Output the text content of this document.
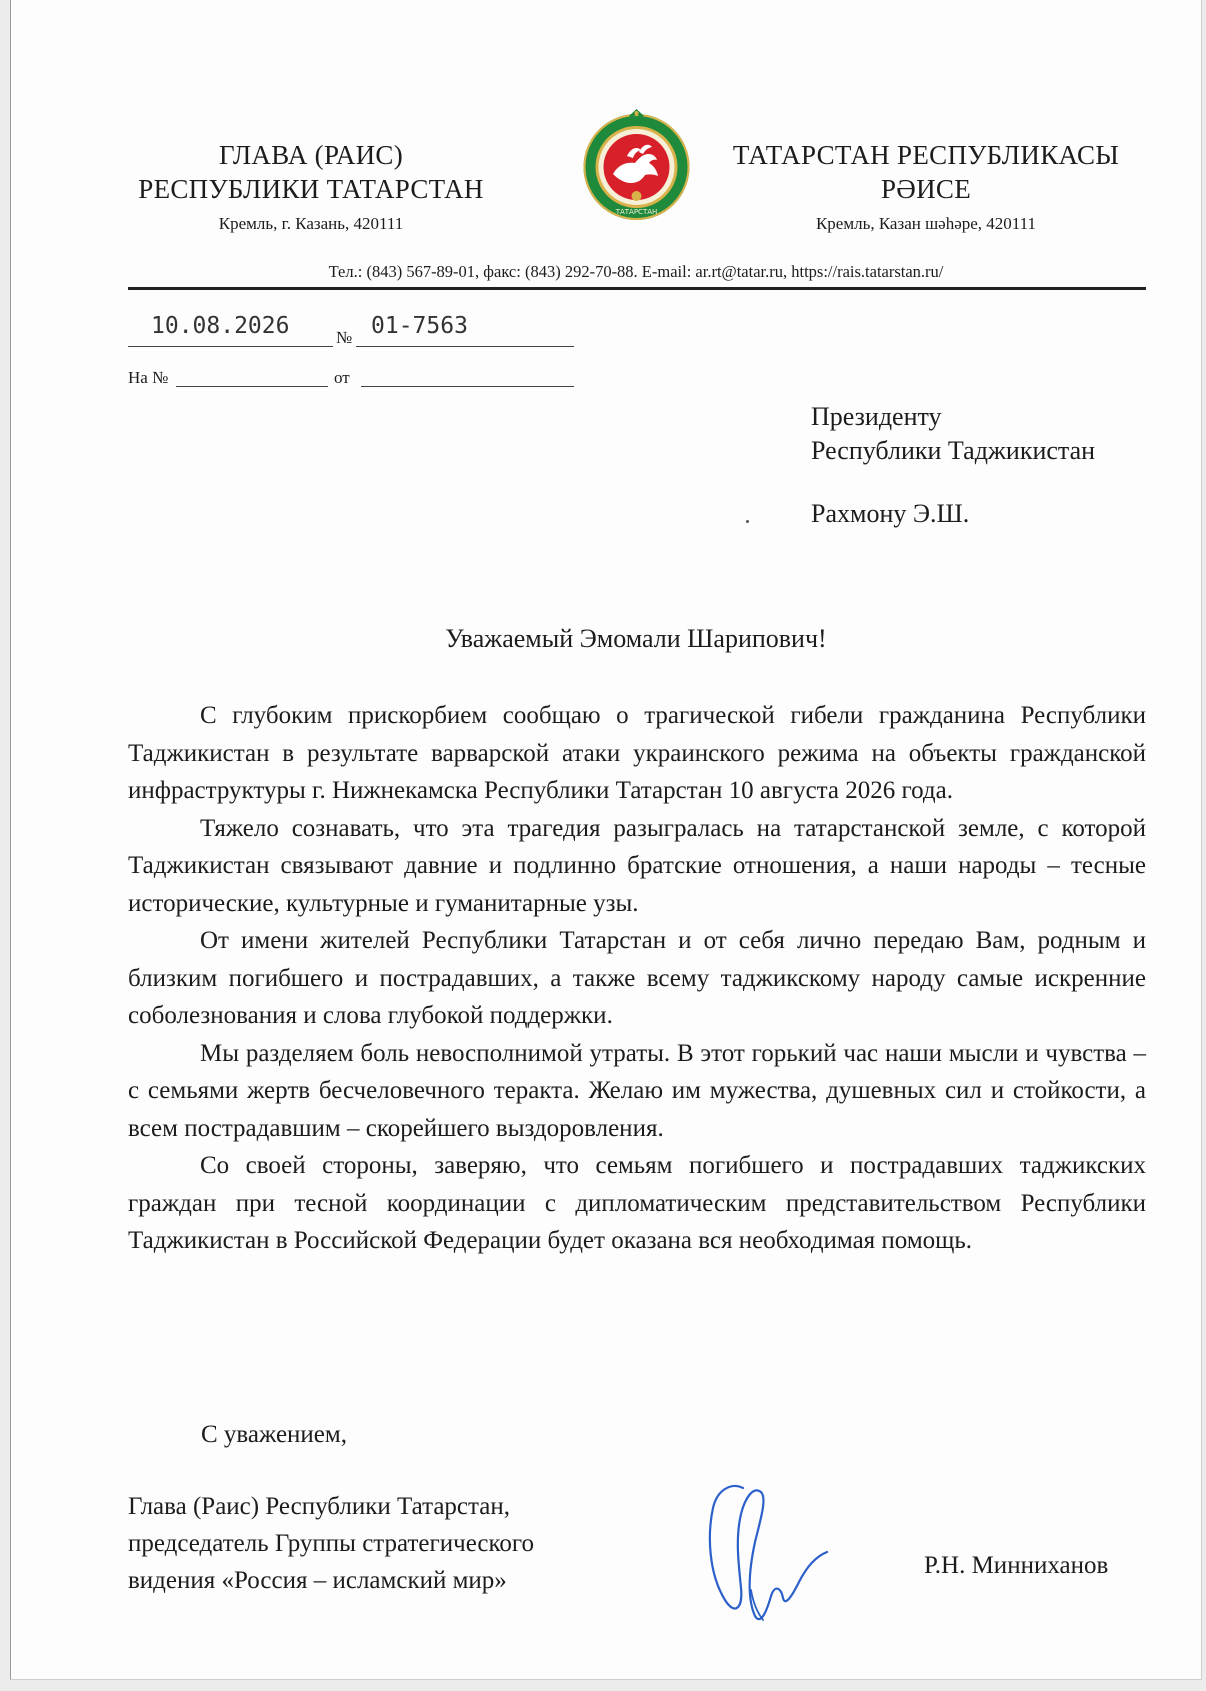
ГЛАВА (РАИС)
РЕСПУБЛИКИ ТАТАРСТАН
Кремль, г. Казань, 420111
ТАТАРСТАН
ТАТАРСТАН РЕСПУБЛИКАСЫ
РӘИСЕ
Кремль, Казан шәһәре, 420111
Тел.: (843) 567-89-01, факс: (843) 292-70-88. E-mail: ar.rt@tatar.ru, https://rais.tatarstan.ru/
10.08.2026	№ 01-7563
На №	от
Президенту
Республики Таджикистан
Рахмону Э.Ш.
Уважаемый Эмомали Шарипович!

С глубоким прискорбием сообщаю о трагической гибели гражданина Республики Таджикистан в результате варварской атаки украинского режима на объекты гражданской инфраструктуры г. Нижнекамска Республики Татарстан 10 августа 2026 года.

Тяжело сознавать, что эта трагедия разыгралась на татарстанской земле, с которой Таджикистан связывают давние и подлинно братские отношения, а наши народы – тесные исторические, культурные и гуманитарные узы.

От имени жителей Республики Татарстан и от себя лично передаю Вам, родным и близким погибшего и пострадавших, а также всему таджикскому народу самые искренние соболезнования и слова глубокой поддержки.

Мы разделяем боль невосполнимой утраты. В этот горький час наши мысли и чувства – с семьями жертв бесчеловечного теракта. Желаю им мужества, душевных сил и стойкости, а всем пострадавшим – скорейшего выздоровления.

Со своей стороны, заверяю, что семьям погибшего и пострадавших таджикских граждан при тесной координации с дипломатическим представительством Республики Таджикистан в Российской Федерации будет оказана вся необходимая помощь.

С уважением,
Глава (Раис) Республики Татарстан,
председатель Группы стратегического
видения «Россия – исламский мир»
Р.Н. Минниханов
